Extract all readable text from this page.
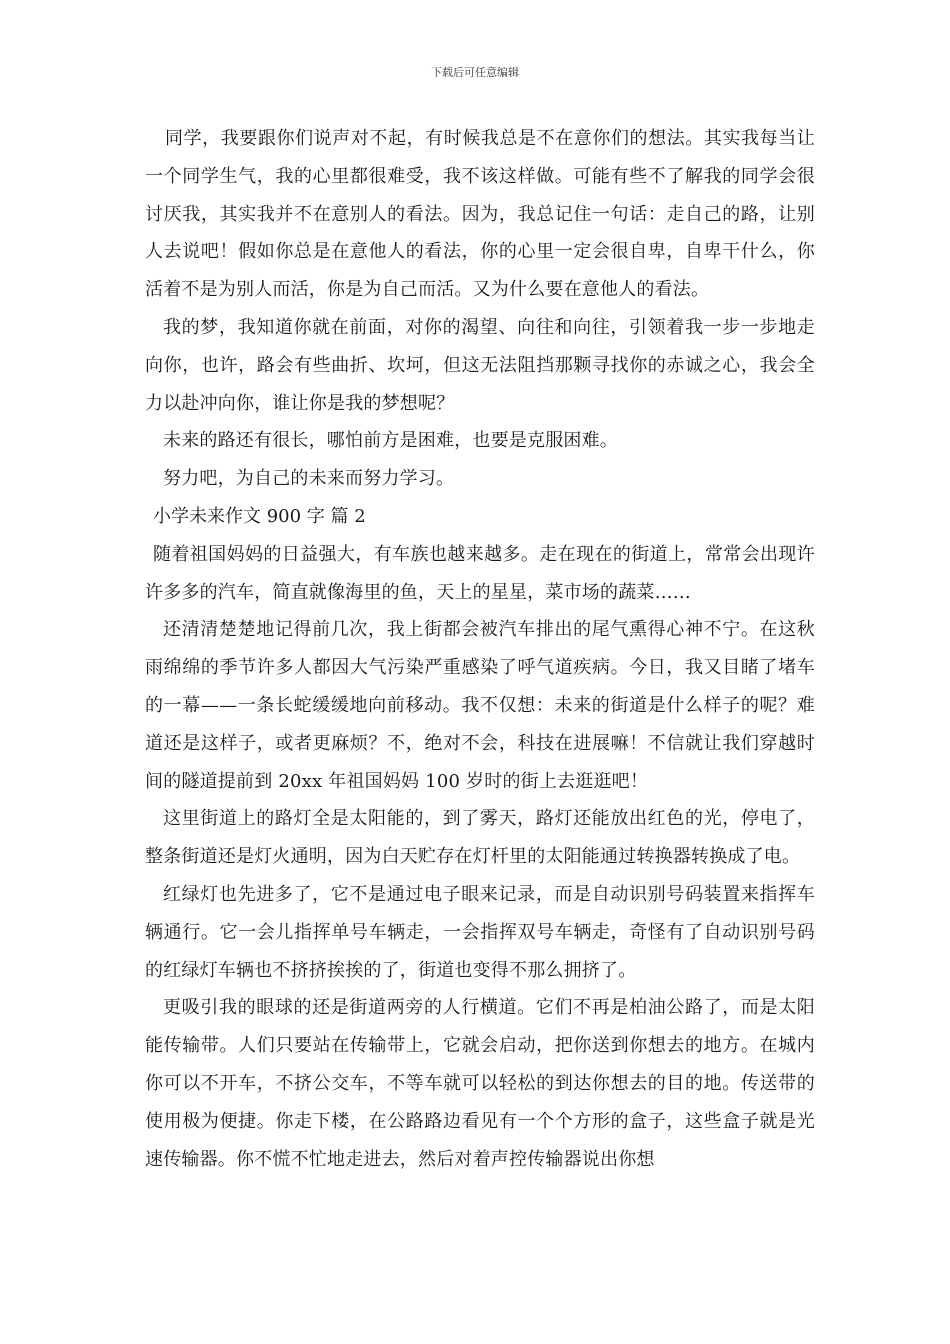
下载后可任意编辑

同学，我要跟你们说声对不起，有时候我总是不在意你们的想法。其实我每当让一个同学生气，我的心里都很难受，我不该这样做。可能有些不了解我的同学会很讨厌我，其实我并不在意别人的看法。因为，我总记住一句话：走自己的路，让别人去说吧！假如你总是在意他人的看法，你的心里一定会很自卑，自卑干什么，你活着不是为别人而活，你是为自己而活。又为什么要在意他人的看法。

我的梦，我知道你就在前面，对你的渴望、向往和向往，引领着我一步一步地走向你，也许，路会有些曲折、坎坷，但这无法阻挡那颗寻找你的赤诚之心，我会全力以赴冲向你，谁让你是我的梦想呢？

未来的路还有很长，哪怕前方是困难，也要是克服困难。

努力吧，为自己的未来而努力学习。

小学未来作文 900 字 篇 2

随着祖国妈妈的日益强大，有车族也越来越多。走在现在的街道上，常常会出现许许多多的汽车，简直就像海里的鱼，天上的星星，菜市场的蔬菜……

还清清楚楚地记得前几次，我上街都会被汽车排出的尾气熏得心神不宁。在这秋雨绵绵的季节许多人都因大气污染严重感染了呼气道疾病。今日，我又目睹了堵车的一幕——一条长蛇缓缓地向前移动。我不仅想：未来的街道是什么样子的呢？难道还是这样子，或者更麻烦？不，绝对不会，科技在进展嘛！不信就让我们穿越时间的隧道提前到 20xx 年祖国妈妈 100 岁时的街上去逛逛吧！

这里街道上的路灯全是太阳能的，到了雾天，路灯还能放出红色的光，停电了，整条街道还是灯火通明，因为白天贮存在灯杆里的太阳能通过转换器转换成了电。

红绿灯也先进多了，它不是通过电子眼来记录，而是自动识别号码装置来指挥车辆通行。它一会儿指挥单号车辆走，一会指挥双号车辆走，奇怪有了自动识别号码的红绿灯车辆也不挤挤挨挨的了，街道也变得不那么拥挤了。

更吸引我的眼球的还是街道两旁的人行横道。它们不再是柏油公路了，而是太阳能传输带。人们只要站在传输带上，它就会启动，把你送到你想去的地方。在城内你可以不开车，不挤公交车，不等车就可以轻松的到达你想去的目的地。传送带的使用极为便捷。你走下楼，在公路路边看见有一个个方形的盒子，这些盒子就是光速传输器。你不慌不忙地走进去，然后对着声控传输器说出你想
